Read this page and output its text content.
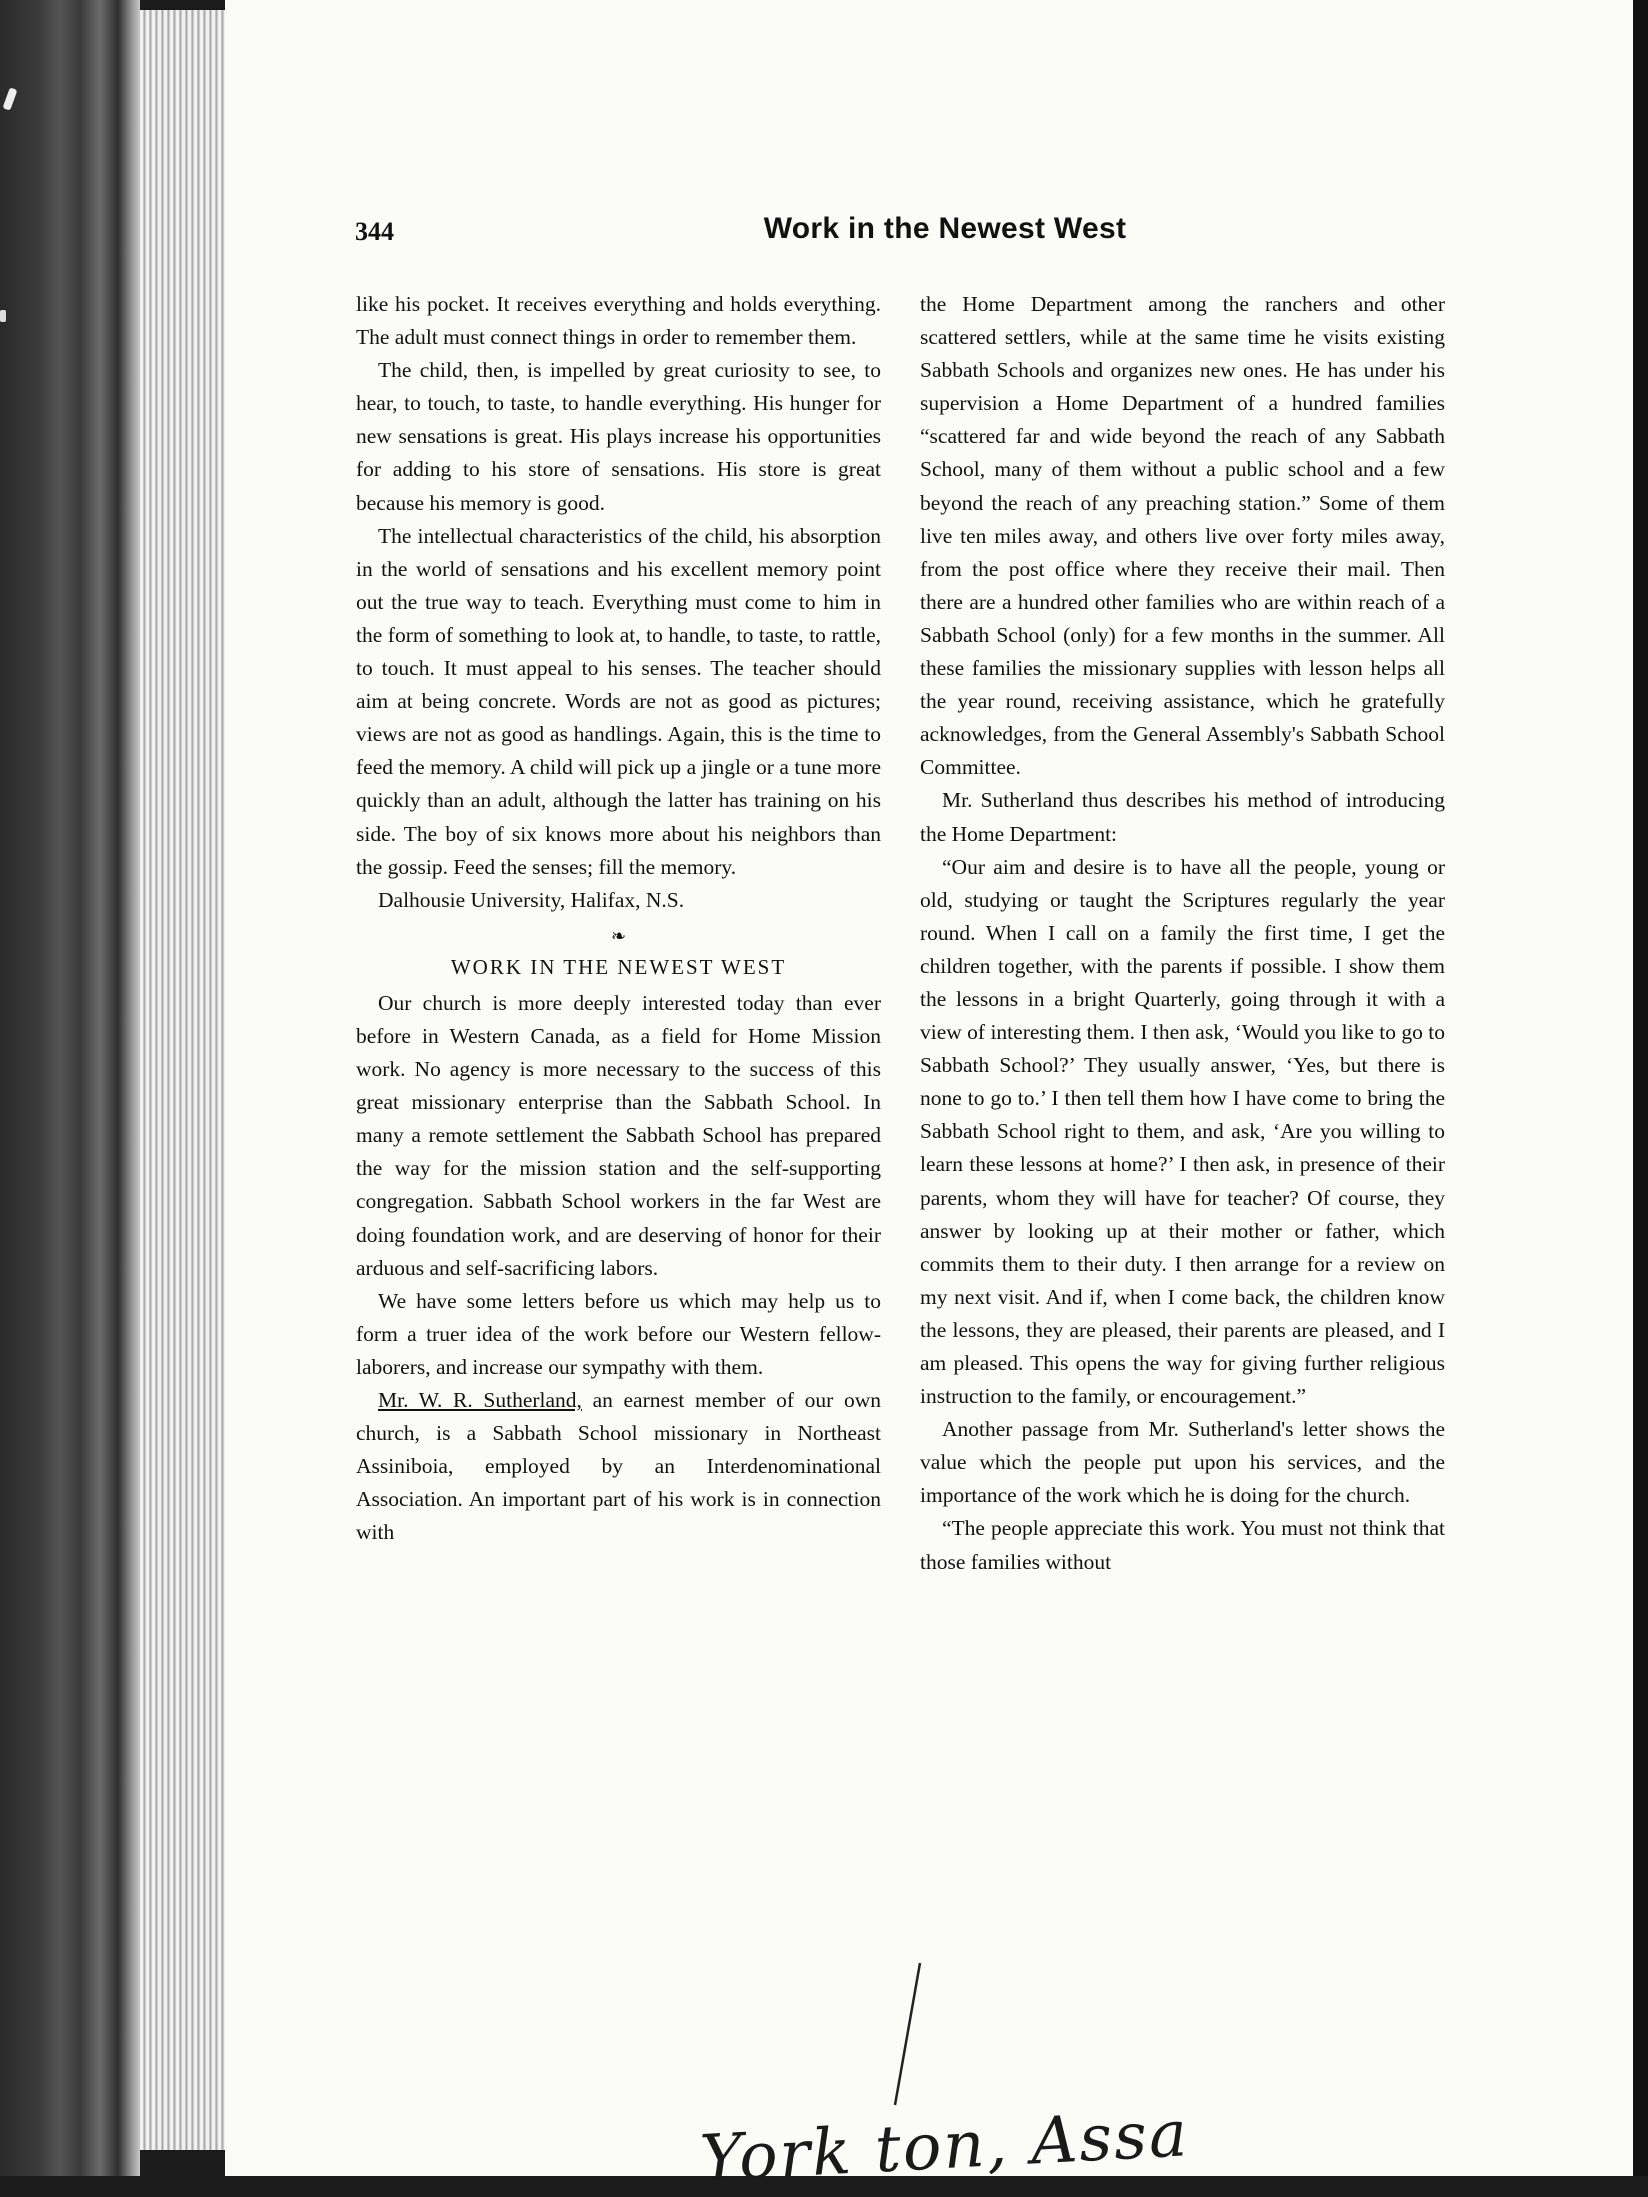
344	Work in the Newest West

like his pocket. It receives everything and holds everything. The adult must connect things in order to remember them.

The child, then, is impelled by great curiosity to see, to hear, to touch, to taste, to handle everything. His hunger for new sensations is great. His plays increase his opportunities for adding to his store of sensations. His store is great because his memory is good.

The intellectual characteristics of the child, his absorption in the world of sensations and his excellent memory point out the true way to teach. Everything must come to him in the form of something to look at, to handle, to taste, to rattle, to touch. It must appeal to his senses. The teacher should aim at being concrete. Words are not as good as pictures; views are not as good as handlings. Again, this is the time to feed the memory. A child will pick up a jingle or a tune more quickly than an adult, although the latter has training on his side. The boy of six knows more about his neighbors than the gossip. Feed the senses; fill the memory.

Dalhousie University, Halifax, N.S.

❧

WORK IN THE NEWEST WEST

Our church is more deeply interested today than ever before in Western Canada, as a field for Home Mission work. No agency is more necessary to the success of this great missionary enterprise than the Sabbath School. In many a remote settlement the Sabbath School has prepared the way for the mission station and the self-supporting congregation. Sabbath School workers in the far West are doing foundation work, and are deserving of honor for their arduous and self-sacrificing labors.

We have some letters before us which may help us to form a truer idea of the work before our Western fellow-laborers, and increase our sympathy with them.

Mr. W. R. Sutherland, an earnest member of our own church, is a Sabbath School missionary in Northeast Assiniboia, employed by an Interdenominational Association. An important part of his work is in connection with

the Home Department among the ranchers and other scattered settlers, while at the same time he visits existing Sabbath Schools and organizes new ones. He has under his supervision a Home Department of a hundred families “scattered far and wide beyond the reach of any Sabbath School, many of them without a public school and a few beyond the reach of any preaching station.” Some of them live ten miles away, and others live over forty miles away, from the post office where they receive their mail. Then there are a hundred other families who are within reach of a Sabbath School (only) for a few months in the summer. All these families the missionary supplies with lesson helps all the year round, receiving assistance, which he gratefully acknowledges, from the General Assembly's Sabbath School Committee.

Mr. Sutherland thus describes his method of introducing the Home Department:

“Our aim and desire is to have all the people, young or old, studying or taught the Scriptures regularly the year round. When I call on a family the first time, I get the children together, with the parents if possible. I show them the lessons in a bright Quarterly, going through it with a view of interesting them. I then ask, ‘Would you like to go to Sabbath School?’ They usually answer, ‘Yes, but there is none to go to.’ I then tell them how I have come to bring the Sabbath School right to them, and ask, ‘Are you willing to learn these lessons at home?’ I then ask, in presence of their parents, whom they will have for teacher? Of course, they answer by looking up at their mother or father, which commits them to their duty. I then arrange for a review on my next visit. And if, when I come back, the children know the lessons, they are pleased, their parents are pleased, and I am pleased. This opens the way for giving further religious instruction to the family, or encouragement.”

Another passage from Mr. Sutherland's letter shows the value which the people put upon his services, and the importance of the work which he is doing for the church.

“The people appreciate this work. You must not think that those families without

York ton, Assa
